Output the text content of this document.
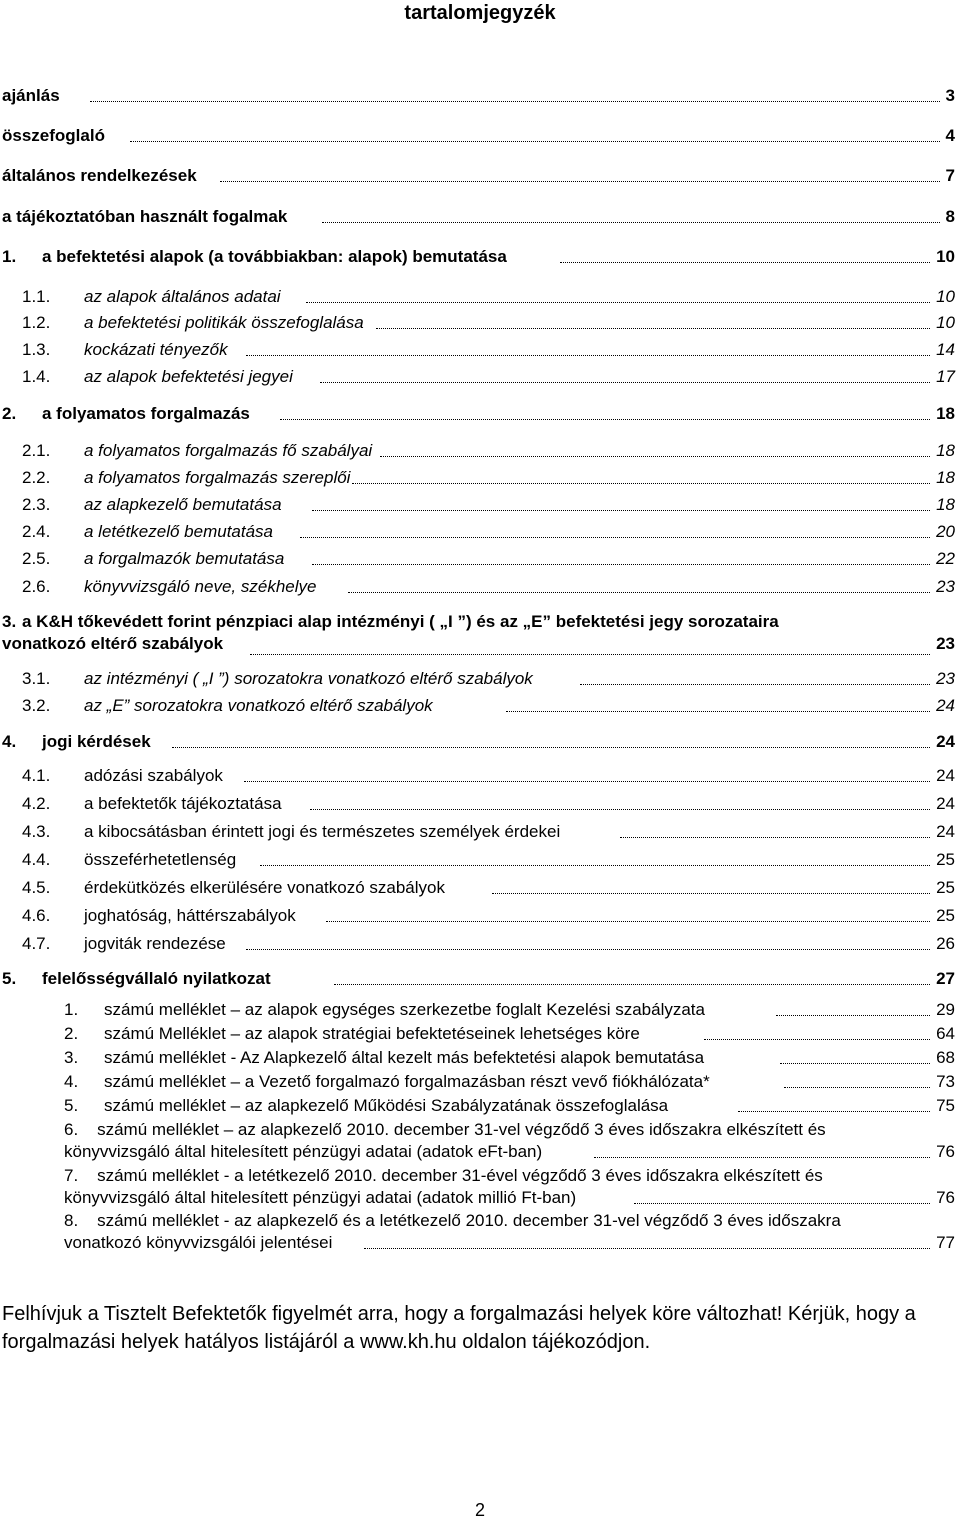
tartalomjegyzék
ajánlás	3
összefoglaló	4
általános rendelkezések	7
a tájékoztatóban használt fogalmak	8
1. a befektetési alapok (a továbbiakban: alapok) bemutatása	10
1.1. az alapok általános adatai	10
1.2. a befektetési politikák összefoglalása	10
1.3. kockázati tényezők	14
1.4. az alapok befektetési jegyei	17
2. a folyamatos forgalmazás	18
2.1. a folyamatos forgalmazás fő szabályai	18
2.2. a folyamatos forgalmazás szereplői	18
2.3. az alapkezelő bemutatása	18
2.4. a letétkezelő bemutatása	20
2.5. a forgalmazók bemutatása	22
2.6. könyvvizsgáló neve, székhelye	23
3. a K&H tőkevédett forint pénzpiaci alap intézményi ( „I ”) és az „E” befektetési jegy sorozataira
vonatkozó eltérő szabályok	23
3.1. az intézményi ( „I ”) sorozatokra vonatkozó eltérő szabályok	23
3.2. az „E” sorozatokra vonatkozó eltérő szabályok	24
4. jogi kérdések	24
4.1. adózási szabályok	24
4.2. a befektetők tájékoztatása	24
4.3. a kibocsátásban érintett jogi és természetes személyek érdekei	24
4.4. összeférhetetlenség	25
4.5. érdekütközés elkerülésére vonatkozó szabályok	25
4.6. joghatóság, háttérszabályok	25
4.7. jogviták rendezése	26
5. felelősségvállaló nyilatkozat	27
1. számú melléklet – az alapok egységes szerkezetbe foglalt Kezelési szabályzata	29
2. számú Melléklet – az alapok stratégiai befektetéseinek lehetséges köre	64
3. számú melléklet - Az Alapkezelő által kezelt más befektetési alapok bemutatása	68
4. számú melléklet – a Vezető forgalmazó forgalmazásban részt vevő fiókhálózata*	73
5. számú melléklet – az alapkezelő Működési Szabályzatának összefoglalása	75
6. számú melléklet – az alapkezelő 2010. december 31-vel végződő 3 éves időszakra elkészített és
könyvvizsgáló által hitelesített pénzügyi adatai (adatok eFt-ban)	76
7. számú melléklet - a letétkezelő 2010. december 31-ével végződő 3 éves időszakra elkészített és
könyvvizsgáló által hitelesített pénzügyi adatai (adatok millió Ft-ban)	76
8. számú melléklet - az alapkezelő és a letétkezelő 2010. december 31-vel végződő 3 éves időszakra
vonatkozó könyvvizsgálói jelentései	77
Felhívjuk a Tisztelt Befektetők figyelmét arra, hogy a forgalmazási helyek köre változhat! Kérjük, hogy a forgalmazási helyek hatályos listájáról a www.kh.hu oldalon tájékozódjon.
2
